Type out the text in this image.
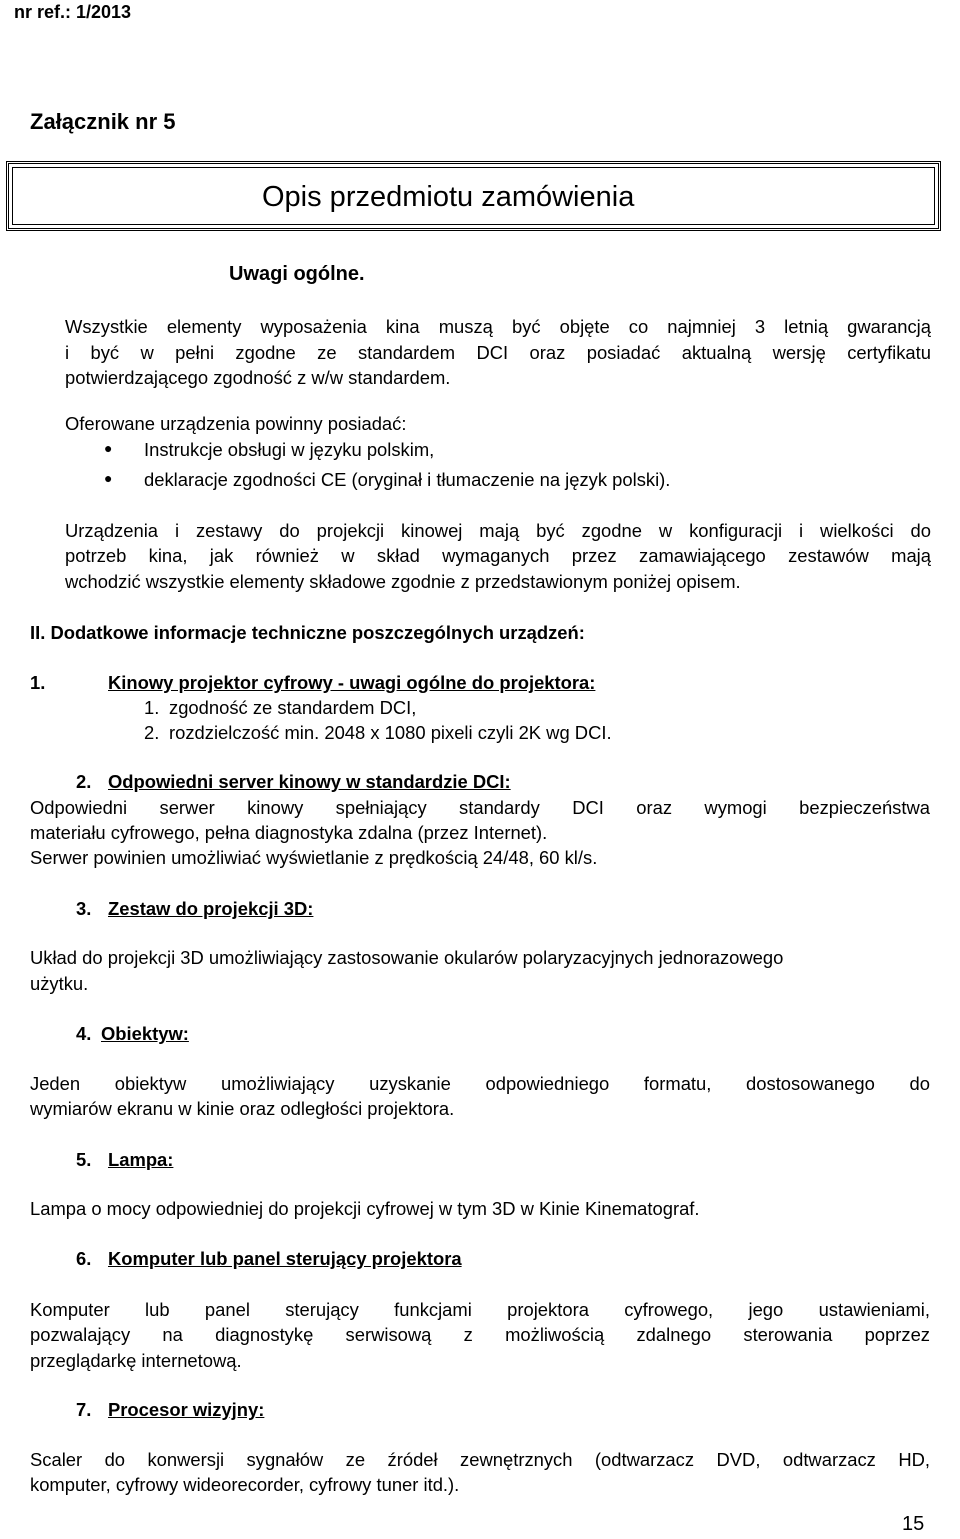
nr ref.: 1/2013
Załącznik nr 5
Opis przedmiotu zamówienia
Uwagi ogólne.
Wszystkie elementy wyposażenia kina muszą być objęte co najmniej 3 letnią gwarancją
i być w pełni zgodne ze standardem DCI oraz posiadać aktualną wersję certyfikatu
potwierdzającego zgodność z w/w standardem.
Oferowane urządzenia powinny posiadać:
● Instrukcje obsługi w języku polskim,
● deklaracje zgodności CE (oryginał i tłumaczenie na język polski).
Urządzenia i zestawy do projekcji kinowej mają być zgodne w konfiguracji i wielkości do
potrzeb kina, jak również w skład wymaganych przez zamawiającego zestawów mają
wchodzić wszystkie elementy składowe zgodnie z przedstawionym poniżej opisem.
II. Dodatkowe informacje techniczne poszczególnych urządzeń:
1.	Kinowy projektor cyfrowy - uwagi ogólne do projektora:
1. zgodność ze standardem DCI,
2. rozdzielczość min. 2048 x 1080 pixeli czyli 2K wg DCI.
2. Odpowiedni server kinowy w standardzie DCI:
Odpowiedni serwer kinowy spełniający standardy DCI oraz wymogi bezpieczeństwa
materiału cyfrowego, pełna diagnostyka zdalna (przez Internet).
Serwer powinien umożliwiać wyświetlanie z prędkością 24/48, 60 kl/s.
3. Zestaw do projekcji 3D:
Układ do projekcji 3D umożliwiający zastosowanie okularów polaryzacyjnych jednorazowego
użytku.
4. Obiektyw:
Jeden obiektyw umożliwiający uzyskanie odpowiedniego formatu, dostosowanego do
wymiarów ekranu w kinie oraz odległości projektora.
5. Lampa:
Lampa o mocy odpowiedniej do projekcji cyfrowej w tym 3D w Kinie Kinematograf.
6. Komputer lub panel sterujący projektora
Komputer lub panel sterujący funkcjami projektora cyfrowego, jego ustawieniami,
pozwalający na diagnostykę serwisową z możliwością zdalnego sterowania poprzez
przeglądarkę internetową.
7. Procesor wizyjny:
Scaler do konwersji sygnałów ze źródeł zewnętrznych (odtwarzacz DVD, odtwarzacz HD,
komputer, cyfrowy wideorecorder, cyfrowy tuner itd.).
15
